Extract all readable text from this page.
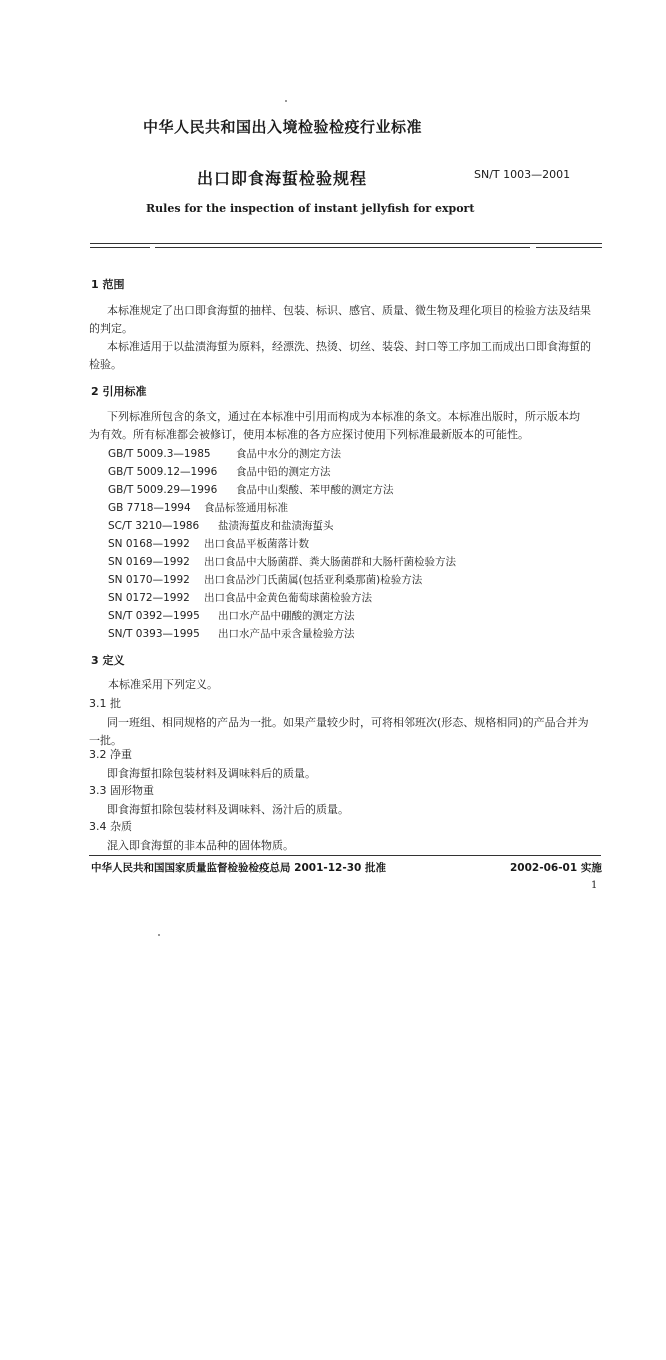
中华人民共和国出入境检验检疫行业标准
出口即食海蜇检验规程	SN/T 1003—2001
Rules for the inspection of instant jellyfish for export
1 范围
本标准规定了出口即食海蜇的抽样、包装、标识、感官、质量、微生物及理化项目的检验方法及结果
的判定。
本标准适用于以盐渍海蜇为原料，经漂洗、热烫、切丝、装袋、封口等工序加工而成出口即食海蜇的
检验。
2 引用标准
下列标准所包含的条文，通过在本标准中引用而构成为本标准的条文。本标准出版时，所示版本均
为有效。所有标准都会被修订，使用本标准的各方应探讨使用下列标准最新版本的可能性。
GB/T 5009.3—1985 食品中水分的测定方法
GB/T 5009.12—1996 食品中铅的测定方法
GB/T 5009.29—1996 食品中山梨酸、苯甲酸的测定方法
GB 7718—1994 食品标签通用标准
SC/T 3210—1986 盐渍海蜇皮和盐渍海蜇头
SN 0168—1992 出口食品平板菌落计数
SN 0169—1992 出口食品中大肠菌群、粪大肠菌群和大肠杆菌检验方法
SN 0170—1992 出口食品沙门氏菌属(包括亚利桑那菌)检验方法
SN 0172—1992 出口食品中金黄色葡萄球菌检验方法
SN/T 0392—1995 出口水产品中硼酸的测定方法
SN/T 0393—1995 出口水产品中汞含量检验方法
3 定义
本标准采用下列定义。
3.1 批
同一班组、相同规格的产品为一批。如果产量较少时，可将相邻班次(形态、规格相同)的产品合并为
一批。
3.2 净重
即食海蜇扣除包装材料及调味料后的质量。
3.3 固形物重
即食海蜇扣除包装材料及调味料、汤汁后的质量。
3.4 杂质
混入即食海蜇的非本品种的固体物质。
中华人民共和国国家质量监督检验检疫总局 2001-12-30 批准	2002-06-01 实施
1
